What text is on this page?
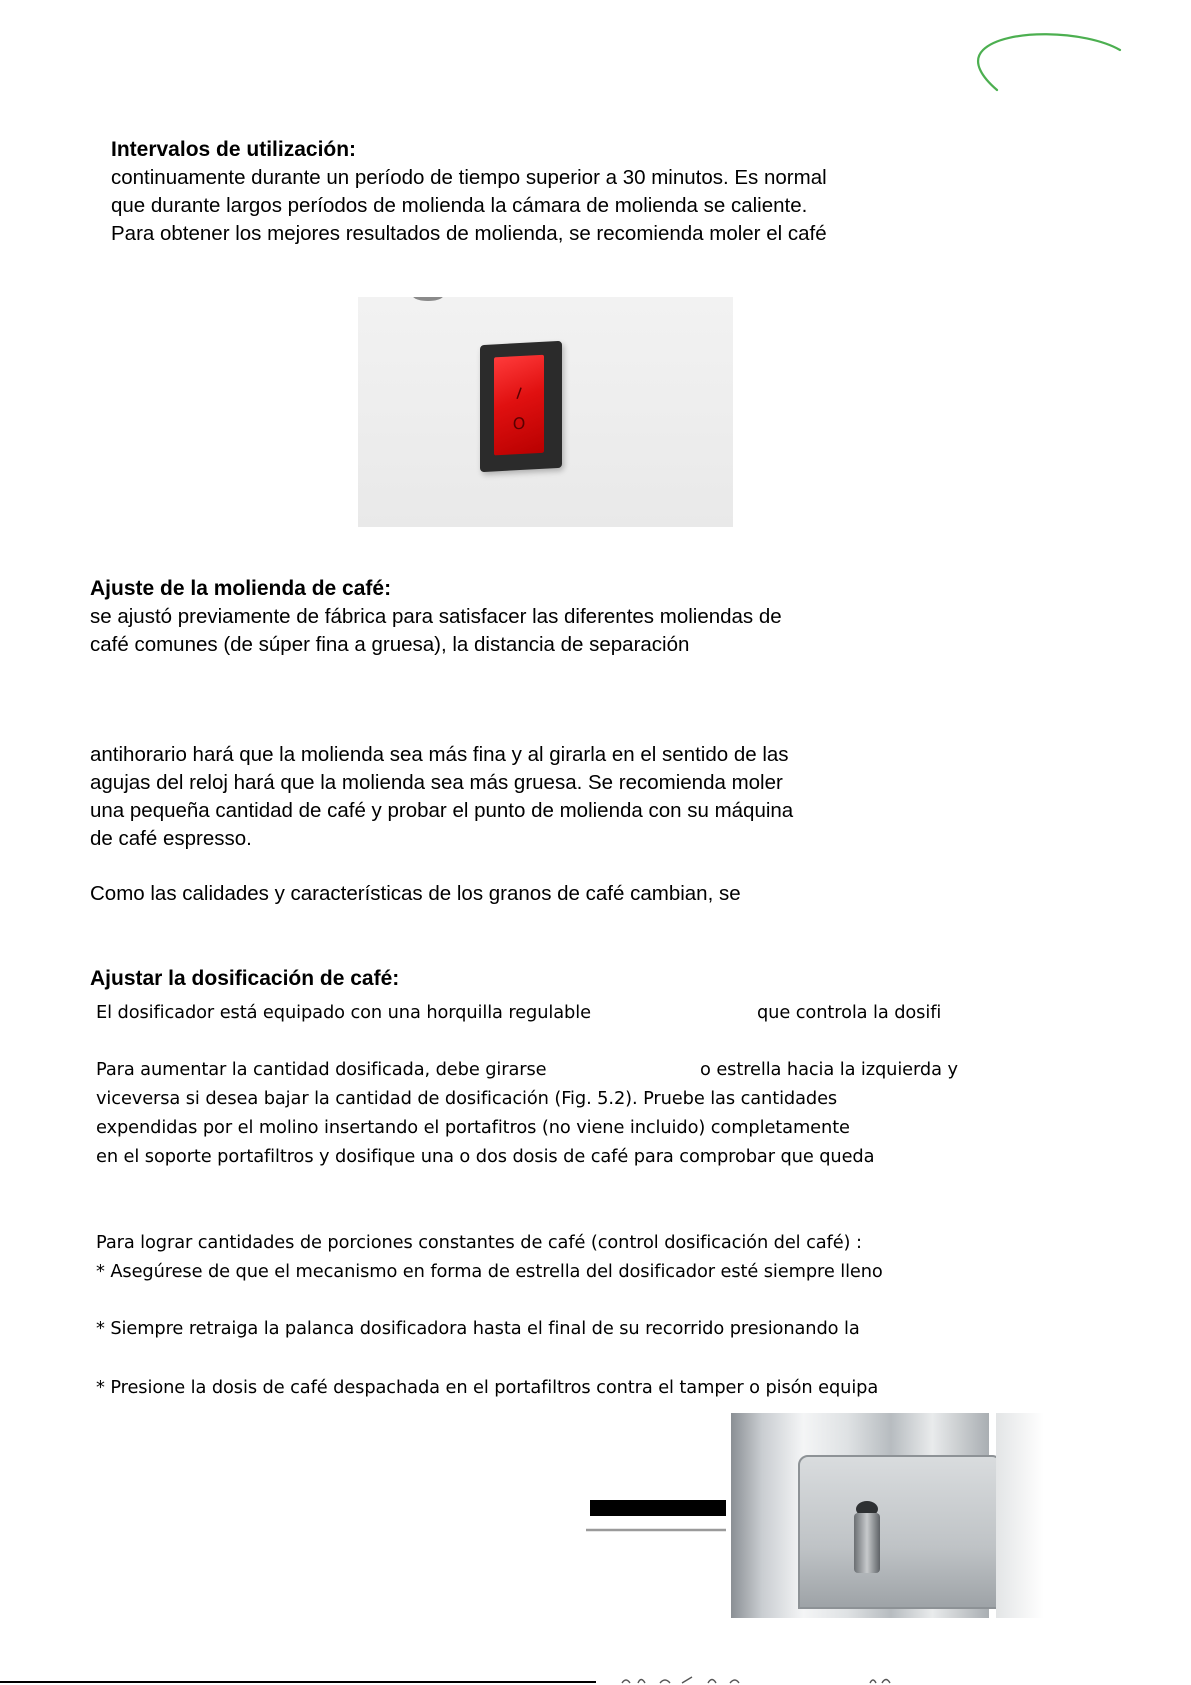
Intervalos de utilización:
continuamente durante un período de tiempo superior a 30 minutos. Es normal
que durante largos períodos de molienda la cámara de molienda se caliente.
Para obtener los mejores resultados de molienda, se recomienda moler el café
I
O
Ajuste de la molienda de café:
se ajustó previamente de fábrica para satisfacer las diferentes moliendas de
café comunes (de súper fina a gruesa), la distancia de separación
antihorario hará que la molienda sea más fina y al girarla en el sentido de las
agujas del reloj hará que la molienda sea más gruesa. Se recomienda moler
una pequeña cantidad de café y probar el punto de molienda con su máquina
de café espresso.
Como las calidades y características de los granos de café cambian, se
Ajustar la dosificación de café:
El dosificador está equipado con una horquilla regulable	que controla la dosifi
Para aumentar la cantidad dosificada, debe girarse	o estrella hacia la izquierda y
viceversa si desea bajar la cantidad de dosificación (Fig. 5.2). Pruebe las cantidades
expendidas por el molino insertando el portafitros (no viene incluido) completamente
en el soporte portafiltros y dosifique una o dos dosis de café para comprobar que queda
Para lograr cantidades de porciones constantes de café (control dosificación del café) :
* Asegúrese de que el mecanismo en forma de estrella del dosificador esté siempre lleno
* Siempre retraiga la palanca dosificadora hasta el final de su recorrido presionando la
* Presione la dosis de café despachada en el portafiltros contra el tamper o pisón equipa
